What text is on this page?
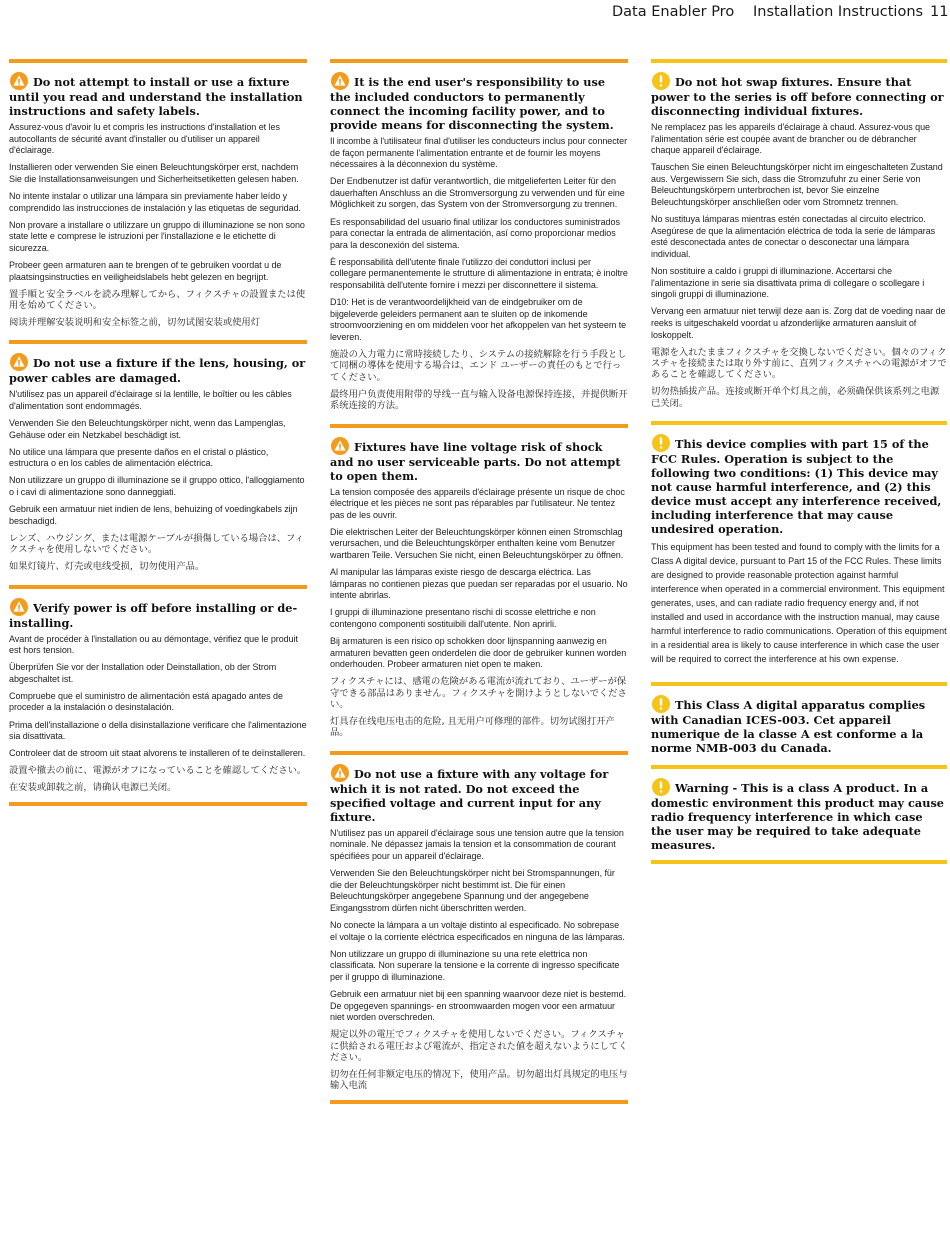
Data Enabler Pro Installation Instructions 11
Do not attempt to install or use a fixture until you read and understand the installation instructions and safety labels.

Assurez-vous d'avoir lu et compris les instructions d'installation et les autocollants de sécurité avant d'installer ou d'utiliser un appareil d'éclairage.

Installieren oder verwenden Sie einen Beleuchtungskörper erst, nachdem Sie die Installationsanweisungen und Sicherheitsetiketten gelesen haben.

No intente instalar o utilizar una lámpara sin previamente haber leído y comprendido las instrucciones de instalación y las etiquetas de seguridad.

Non provare a installare o utilizzare un gruppo di illuminazione se non sono state lette e comprese le istruzioni per l'installazione e le etichette di sicurezza.

Probeer geen armaturen aan te brengen of te gebruiken voordat u de plaatsingsinstructies en veiligheidslabels hebt gelezen en begrijpt.

置手順と安全ラベルを読み理解してから、フィクスチャの設置または使用を始めてください。

阅读并理解安装说明和安全标签之前，切勿试图安装或使用灯

Do not use a fixture if the lens, housing, or power cables are damaged.

N'utilisez pas un appareil d'éclairage si la lentille, le boîtier ou les câbles d'alimentation sont endommagés.

Verwenden Sie den Beleuchtungskörper nicht, wenn das Lampenglas, Gehäuse oder ein Netzkabel beschädigt ist.

No utilice una lámpara que presente daños en el cristal o plástico, estructura o en los cables de alimentación eléctrica.

Non utilizzare un gruppo di illuminazione se il gruppo ottico, l'alloggiamento o i cavi di alimentazione sono danneggiati.

Gebruik een armatuur niet indien de lens, behuizing of voedingkabels zijn beschadigd.

レンズ、ハウジング、または電源ケーブルが損傷している場合は、フィクスチャを使用しないでください。

如果灯镜片、灯壳或电线受损，切勿使用产品。

Verify power is off before installing or de-installing.

Avant de procéder à l'installation ou au démontage, vérifiez que le produit est hors tension.

Überprüfen Sie vor der Installation oder Deinstallation, ob der Strom abgeschaltet ist.

Compruebe que el suministro de alimentación está apagado antes de proceder a la instalación o desinstalación.

Prima dell'installazione o della disinstallazione verificare che l'alimentazione sia disattivata.

Controleer dat de stroom uit staat alvorens te installeren of te deïnstalleren.

設置や撤去の前に、電源がオフになっていることを確認してください。

在安装或卸载之前，请确认电源已关闭。

It is the end user's responsibility to use the included conductors to permanently connect the incoming facility power, and to provide means for disconnecting the system.

Il incombe à l'utilisateur final d'utiliser les conducteurs inclus pour connecter de façon permanente l'alimentation entrante et de fournir les moyens nécessaires à la déconnexion du système.

Der Endbenutzer ist dafür verantwortlich, die mitgelieferten Leiter für den dauerhaften Anschluss an die Stromversorgung zu verwenden und für eine Möglichkeit zu sorgen, das System von der Stromversorgung zu trennen.

Es responsabilidad del usuario final utilizar los conductores suministrados para conectar la entrada de alimentación, así como proporcionar medios para la desconexión del sistema.

È responsabilità dell'utente finale l'utilizzo dei conduttori inclusi per collegare permanentemente le strutture di alimentazione in entrata; è inoltre responsabilità dell'utente fornire i mezzi per disconnettere il sistema.

D10: Het is de verantwoordelijkheid van de eindgebruiker om de bijgeleverde geleiders permanent aan te sluiten op de inkomende stroomvoorziening en om middelen voor het afkoppelen van het systeem te leveren.

施設の入力電力に常時接続したり、システムの接続解除を行う手段として同梱の導体を使用する場合は、エンド ユーザーの責任のもとで行ってください。

最终用户负责使用附带的导线一直与输入设备电源保持连接，并提供断开系统连接的方法。

Fixtures have line voltage risk of shock and no user serviceable parts. Do not attempt to open them.

La tension composée des appareils d'éclairage présente un risque de choc électrique et les pièces ne sont pas réparables par l'utilisateur. Ne tentez pas de les ouvrir.

Die elektrischen Leiter der Beleuchtungskörper können einen Stromschlag verursachen, und die Beleuchtungskörper enthalten keine vom Benutzer wartbaren Teile. Versuchen Sie nicht, einen Beleuchtungskörper zu öffnen.

Al manipular las lámparas existe riesgo de descarga eléctrica. Las lámparas no contienen piezas que puedan ser reparadas por el usuario. No intente abrirlas.

I gruppi di illuminazione presentano rischi di scosse elettriche e non contengono componenti sostituibili dall'utente. Non aprirli.

Bij armaturen is een risico op schokken door lijnspanning aanwezig en armaturen bevatten geen onderdelen die door de gebruiker kunnen worden onderhouden. Probeer armaturen niet open te maken.

フィクスチャには、感電の危険がある電流が流れており、ユーザーが保守できる部品はありません。フィクスチャを開けようとしないでください。

灯具存在线电压电击的危险, 且无用户可修理的部件。切勿试图打开产品。

Do not use a fixture with any voltage for which it is not rated. Do not exceed the specified voltage and current input for any fixture.

N'utilisez pas un appareil d'éclairage sous une tension autre que la tension nominale. Ne dépassez jamais la tension et la consommation de courant spécifiées pour un appareil d'éclairage.

Verwenden Sie den Beleuchtungskörper nicht bei Stromspannungen, für die der Beleuchtungskörper nicht bestimmt ist. Die für einen Beleuchtungskörper angegebene Spannung und der angegebene Eingangsstrom dürfen nicht überschritten werden.

No conecte la lámpara a un voltaje distinto al especificado. No sobrepase el voltaje o la corriente eléctrica especificados en ninguna de las lámparas.

Non utilizzare un gruppo di illuminazione su una rete elettrica non classificata. Non superare la tensione e la corrente di ingresso specificate per il gruppo di illuminazione.

Gebruik een armatuur niet bij een spanning waarvoor deze niet is bestemd. De opgegeven spannings- en stroomwaarden mogen voor een armatuur niet worden overschreden.

規定以外の電圧でフィクスチャを使用しないでください。フィクスチャに供給される電圧および電流が、指定された値を超えないようにしてください。

切勿在任何非额定电压的情况下，使用产品。切勿超出灯具规定的电压与输入电流

Do not hot swap fixtures. Ensure that power to the series is off before connecting or disconnecting individual fixtures.

Ne remplacez pas les appareils d'éclairage à chaud. Assurez-vous que l'alimentation série est coupée avant de brancher ou de débrancher chaque appareil d'éclairage.

Tauschen Sie einen Beleuchtungskörper nicht im eingeschalteten Zustand aus. Vergewissern Sie sich, dass die Stromzufuhr zu einer Serie von Beleuchtungskörpern unterbrochen ist, bevor Sie einzelne Beleuchtungskörper anschließen oder vom Stromnetz trennen.

No sustituya lámparas mientras estén conectadas al circuito electrico. Asegúrese de que la alimentación eléctrica de toda la serie de lámparas esté desconectada antes de conectar o desconectar una lámpara individual.

Non sostituire a caldo i gruppi di illuminazione. Accertarsi che l'alimentazione in serie sia disattivata prima di collegare o scollegare i singoli gruppi di illuminazione.

Vervang een armatuur niet terwijl deze aan is. Zorg dat de voeding naar de reeks is uitgeschakeld voordat u afzonderlijke armaturen aansluit of loskoppelt.

電源を入れたままフィクスチャを交換しないでください。個々のフィクスチャを接続または取り外す前に、直列フィクスチャへの電源がオフであることを確認してください。

切勿热插拔产品。连接或断开单个灯具之前，必须确保供该系列之电源已关闭。

This device complies with part 15 of the FCC Rules. Operation is subject to the following two conditions: (1) This device may not cause harmful interference, and (2) this device must accept any interference received, including interference that may cause undesired operation.

This equipment has been tested and found to comply with the limits for a Class A digital device, pursuant to Part 15 of the FCC Rules. These limits are designed to provide reasonable protection against harmful interference when operated in a commercial environment. This equipment generates, uses, and can radiate radio frequency energy and, if not installed and used in accordance with the instruction manual, may cause harmful interference to radio communications. Operation of this equipment in a residential area is likely to cause interference in which case the user will be required to correct the interference at his own expense.

This Class A digital apparatus complies with Canadian ICES-003. Cet appareil numerique de la classe A est conforme a la norme NMB-003 du Canada.
Warning - This is a class A product. In a domestic environment this product may cause radio frequency interference in which case the user may be required to take adequate measures.
